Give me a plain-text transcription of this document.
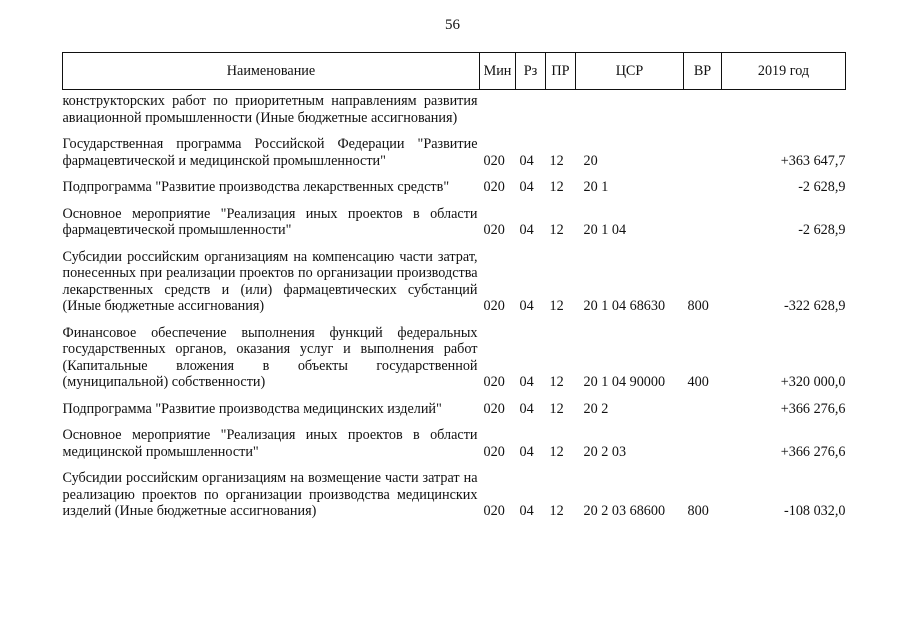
56
Наименование	Мин	Рз	ПР	ЦСР	ВР	2019 год
конструкторских работ по приоритетным направлениям развития авиационной промышленности (Иные бюджетные ассигнования)						
Государственная программа Российской Федерации "Развитие фармацевтической и медицинской промышленности"	020	04	12	20		+363 647,7
Подпрограмма "Развитие производства лекарственных средств"	020	04	12	20 1		-2 628,9
Основное мероприятие "Реализация иных проектов в области фармацевтической промышленности"	020	04	12	20 1 04		-2 628,9
Субсидии российским организациям на компенсацию части затрат, понесенных при реализации проектов по организации производства лекарственных средств и (или) фармацевтических субстанций (Иные бюджетные ассигнования)	020	04	12	20 1 04 68630	800	-322 628,9
Финансовое обеспечение выполнения функций федеральных государственных органов, оказания услуг и выполнения работ (Капитальные вложения в объекты государственной (муниципальной) собственности)	020	04	12	20 1 04 90000	400	+320 000,0
Подпрограмма "Развитие производства медицинских изделий"	020	04	12	20 2		+366 276,6
Основное мероприятие "Реализация иных проектов в области медицинской промышленности"	020	04	12	20 2 03		+366 276,6
Субсидии российским организациям на возмещение части затрат на реализацию проектов по организации производства медицинских изделий (Иные бюджетные ассигнования)	020	04	12	20 2 03 68600	800	-108 032,0
